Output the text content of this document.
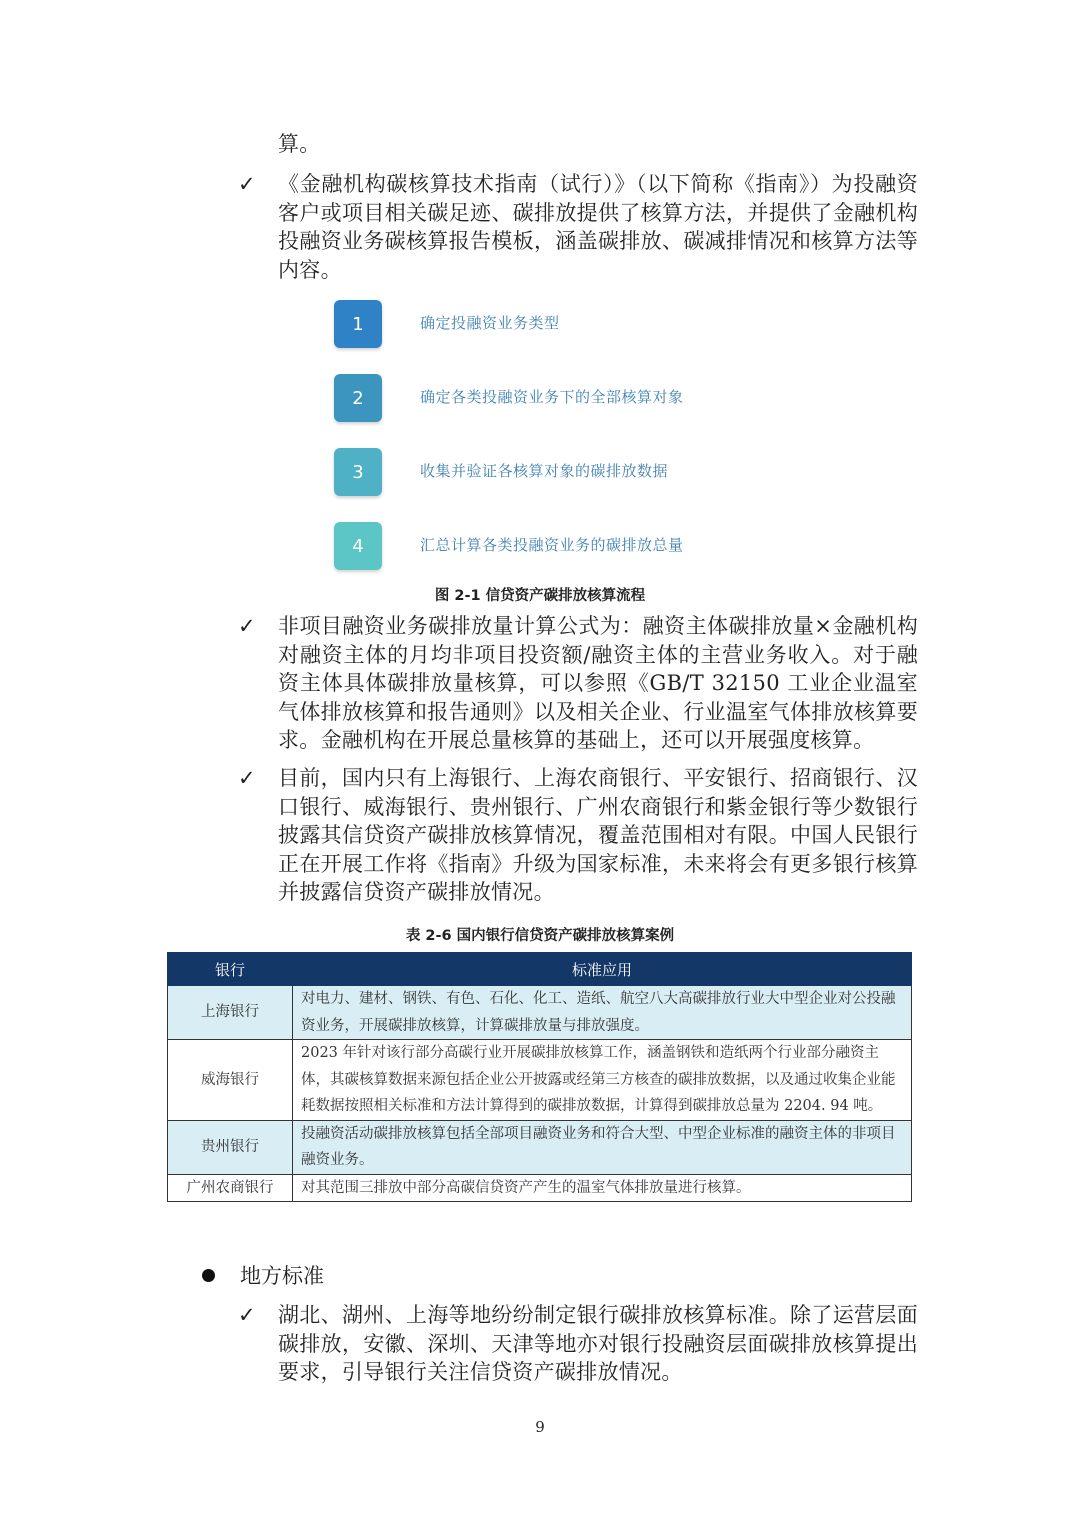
算。

✓ 《金融机构碳核算技术指南（试行）》（以下简称《指南》）为投融资客户或项目相关碳足迹、碳排放提供了核算方法，并提供了金融机构投融资业务碳核算报告模板，涵盖碳排放、碳减排情况和核算方法等内容。

1	确定投融资业务类型
2	确定各类投融资业务下的全部核算对象
3	收集并验证各核算对象的碳排放数据
4	汇总计算各类投融资业务的碳排放总量
图 2-1 信贷资产碳排放核算流程
✓ 非项目融资业务碳排放量计算公式为：融资主体碳排放量×金融机构对融资主体的月均非项目投资额/融资主体的主营业务收入。对于融资主体具体碳排放量核算，可以参照《GB/T 32150 工业企业温室气体排放核算和报告通则》以及相关企业、行业温室气体排放核算要求。金融机构在开展总量核算的基础上，还可以开展强度核算。

✓ 目前，国内只有上海银行、上海农商银行、平安银行、招商银行、汉口银行、威海银行、贵州银行、广州农商银行和紫金银行等少数银行披露其信贷资产碳排放核算情况，覆盖范围相对有限。中国人民银行正在开展工作将《指南》升级为国家标准，未来将会有更多银行核算并披露信贷资产碳排放情况。

表 2-6 国内银行信贷资产碳排放核算案例
银行	标准应用
上海银行	对电力、建材、钢铁、有色、石化、化工、造纸、航空八大高碳排放行业大中型企业对公投融资业务，开展碳排放核算，计算碳排放量与排放强度。
威海银行	2023 年针对该行部分高碳行业开展碳排放核算工作，涵盖钢铁和造纸两个行业部分融资主体，其碳核算数据来源包括企业公开披露或经第三方核查的碳排放数据，以及通过收集企业能耗数据按照相关标准和方法计算得到的碳排放数据，计算得到碳排放总量为 2204. 94 吨。
贵州银行	投融资活动碳排放核算包括全部项目融资业务和符合大型、中型企业标准的融资主体的非项目融资业务。
广州农商银行	对其范围三排放中部分高碳信贷资产产生的温室气体排放量进行核算。
地方标准
✓ 湖北、湖州、上海等地纷纷制定银行碳排放核算标准。除了运营层面碳排放，安徽、深圳、天津等地亦对银行投融资层面碳排放核算提出要求，引导银行关注信贷资产碳排放情况。

9
